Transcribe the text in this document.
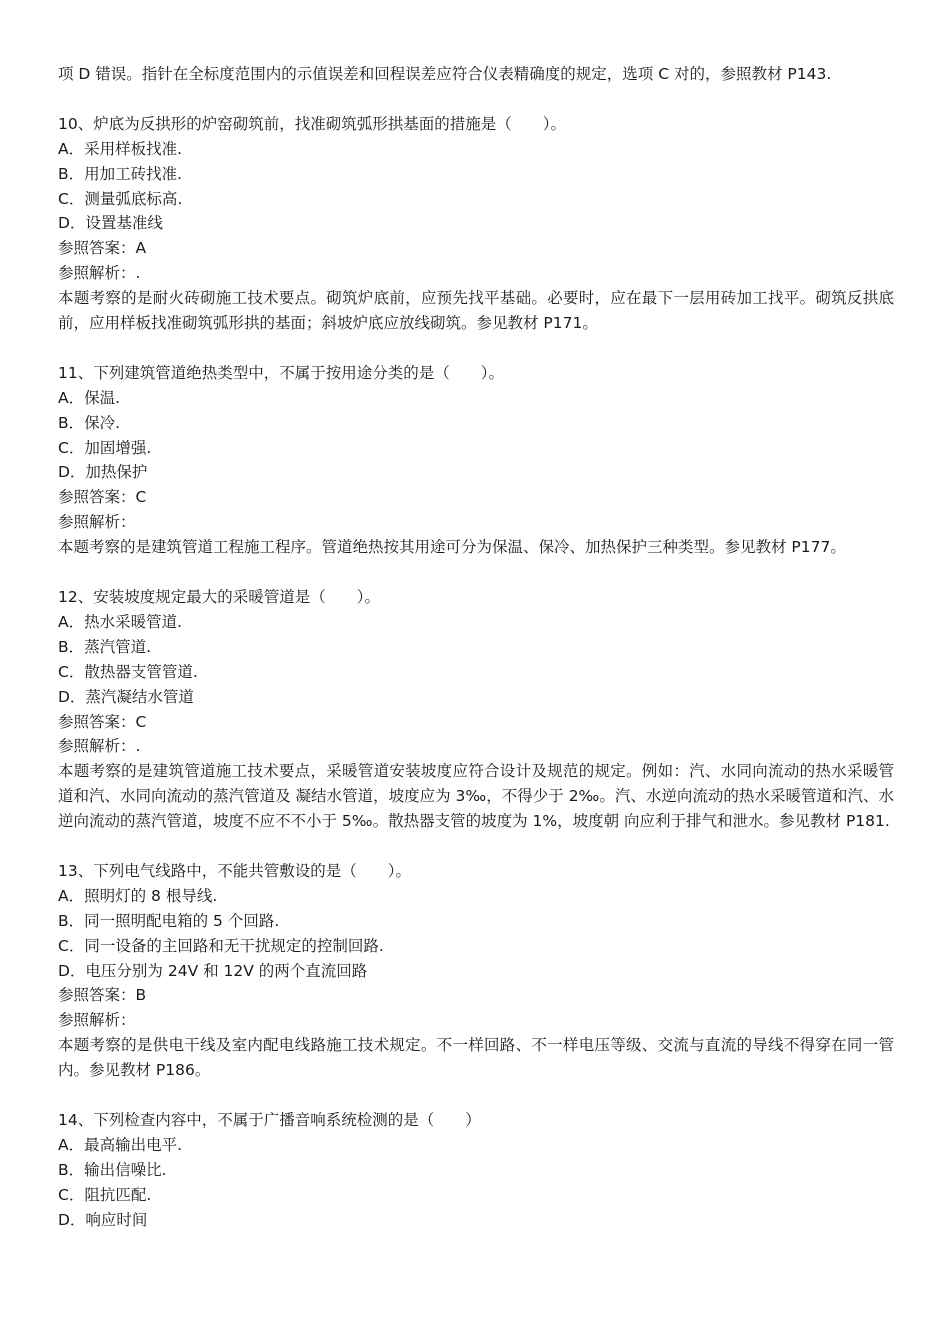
项 D 错误。指针在全标度范围内的示值误差和回程误差应符合仪表精确度的规定，选项 C 对的，参照教材 P143.
10、炉底为反拱形的炉窑砌筑前，找准砌筑弧形拱基面的措施是（　　）。
A．采用样板找准.
B．用加工砖找准.
C．测量弧底标高.
D．设置基准线
参照答案：A
参照解析：.
本题考察的是耐火砖砌施工技术要点。砌筑炉底前，应预先找平基础。必要时，应在最下一层用砖加工找平。砌筑反拱底前，应用样板找准砌筑弧形拱的基面；斜坡炉底应放线砌筑。参见教材 P171。
11、下列建筑管道绝热类型中，不属于按用途分类的是（　　）。
A．保温.
B．保冷.
C．加固增强.
D．加热保护
参照答案：C
参照解析：
本题考察的是建筑管道工程施工程序。管道绝热按其用途可分为保温、保冷、加热保护三种类型。参见教材 P177。
12、安装坡度规定最大的采暖管道是（　　）。
A．热水采暖管道.
B．蒸汽管道.
C．散热器支管管道.
D．蒸汽凝结水管道
参照答案：C
参照解析：.
本题考察的是建筑管道施工技术要点，采暖管道安装坡度应符合设计及规范的规定。例如：汽、水同向流动的热水采暖管道和汽、水同向流动的蒸汽管道及 凝结水管道，坡度应为 3‰，不得少于 2‰。汽、水逆向流动的热水采暖管道和汽、水逆向流动的蒸汽管道，坡度不应不不小于 5‰。散热器支管的坡度为 1%，坡度朝 向应利于排气和泄水。参见教材 P181.
13、下列电气线路中，不能共管敷设的是（　　）。
A．照明灯的 8 根导线.
B．同一照明配电箱的 5 个回路.
C．同一设备的主回路和无干扰规定的控制回路.
D．电压分别为 24V 和 12V 的两个直流回路
参照答案：B
参照解析：
本题考察的是供电干线及室内配电线路施工技术规定。不一样回路、不一样电压等级、交流与直流的导线不得穿在同一管内。参见教材 P186。
14、下列检查内容中，不属于广播音响系统检测的是（　　）
A．最高输出电平.
B．输出信噪比.
C．阻抗匹配.
D．响应时间
